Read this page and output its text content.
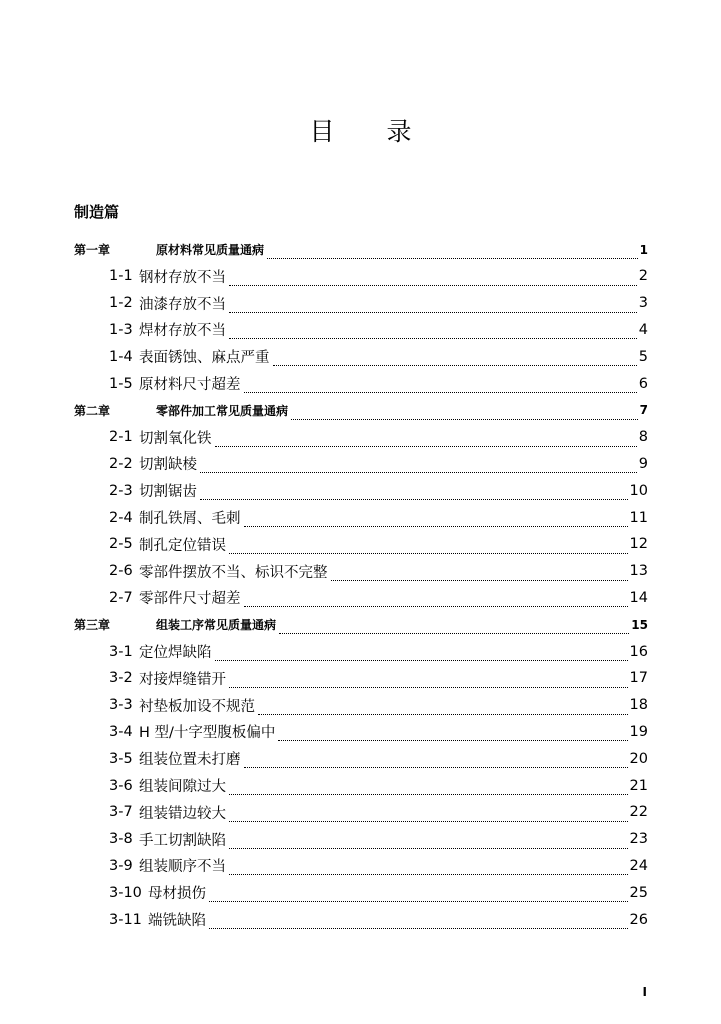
目 录
制造篇
第一章	原材料常见质量通病	1
1-1 钢材存放不当	2
1-2 油漆存放不当	3
1-3 焊材存放不当	4
1-4 表面锈蚀、麻点严重	5
1-5 原材料尺寸超差	6
第二章	零部件加工常见质量通病	7
2-1 切割氧化铁	8
2-2 切割缺棱	9
2-3 切割锯齿	10
2-4 制孔铁屑、毛刺	11
2-5 制孔定位错误	12
2-6 零部件摆放不当、标识不完整	13
2-7 零部件尺寸超差	14
第三章	组装工序常见质量通病	15
3-1 定位焊缺陷	16
3-2 对接焊缝错开	17
3-3 衬垫板加设不规范	18
3-4 H 型/十字型腹板偏中	19
3-5 组装位置未打磨	20
3-6 组装间隙过大	21
3-7 组装错边较大	22
3-8 手工切割缺陷	23
3-9 组装顺序不当	24
3-10 母材损伤	25
3-11 端铣缺陷	26
I
